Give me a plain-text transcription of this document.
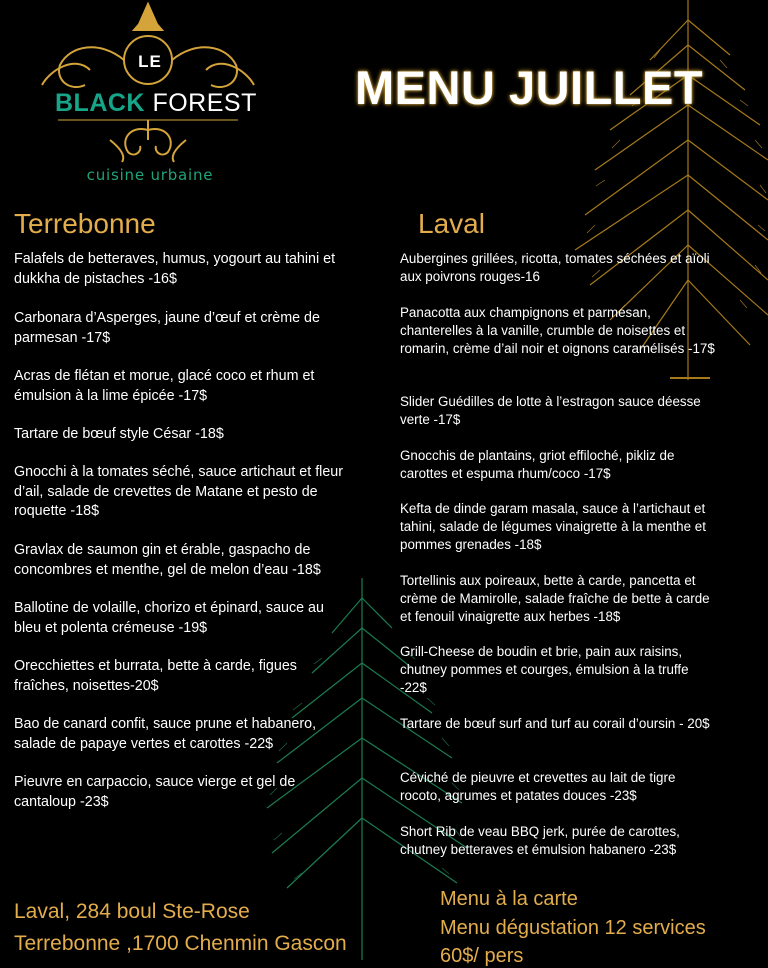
LE
BLACK FOREST
cuisine urbaine
MENU JUILLET
Terrebonne	Laval
Falafels de betteraves, humus, yogourt au tahini et dukkha de pistaches -16$
Carbonara d’Asperges, jaune d’œuf et crème de parmesan -17$
Acras de flétan et morue, glacé coco et rhum et émulsion à la lime épicée -17$
Tartare de bœuf style César -18$
Gnocchi à la tomates séché, sauce artichaut et fleur d’ail, salade de crevettes de Matane et pesto de roquette -18$
Gravlax de saumon gin et érable, gaspacho de concombres et menthe, gel de melon d’eau -18$
Ballotine de volaille, chorizo et épinard, sauce au bleu et polenta crémeuse -19$
Orecchiettes et burrata, bette à carde, figues fraîches, noisettes-20$
Bao de canard confit, sauce prune et habanero, salade de papaye vertes et carottes -22$
Pieuvre en carpaccio, sauce vierge et gel de cantaloup -23$
Aubergines grillées, ricotta, tomates séchées et aïoli aux poivrons rouges-16
Panacotta aux champignons et parmesan, chanterelles à la vanille, crumble de noisettes et romarin, crème d’ail noir et oignons caramélisés -17$
Slider Guédilles de lotte à l’estragon sauce déesse verte -17$
Gnocchis de plantains, griot effiloché, pikliz de carottes et espuma rhum/coco -17$
Kefta de dinde garam masala, sauce à l’artichaut et tahini, salade de légumes vinaigrette à la menthe et pommes grenades -18$
Tortellinis aux poireaux, bette à carde, pancetta et crème de Mamirolle, salade fraîche de bette à carde et fenouil vinaigrette aux herbes -18$
Grill-Cheese de boudin et brie, pain aux raisins, chutney pommes et courges, émulsion à la truffe -22$
Tartare de bœuf surf and turf au corail d’oursin - 20$
Céviché de pieuvre et crevettes au lait de tigre rocoto, agrumes et patates douces -23$
Short Rib de veau BBQ jerk, purée de carottes, chutney betteraves et émulsion habanero -23$
Laval, 284 boul Ste-Rose
Terrebonne ,1700 Chenmin Gascon
Menu à la carte
Menu dégustation 12 services
60$/ pers
